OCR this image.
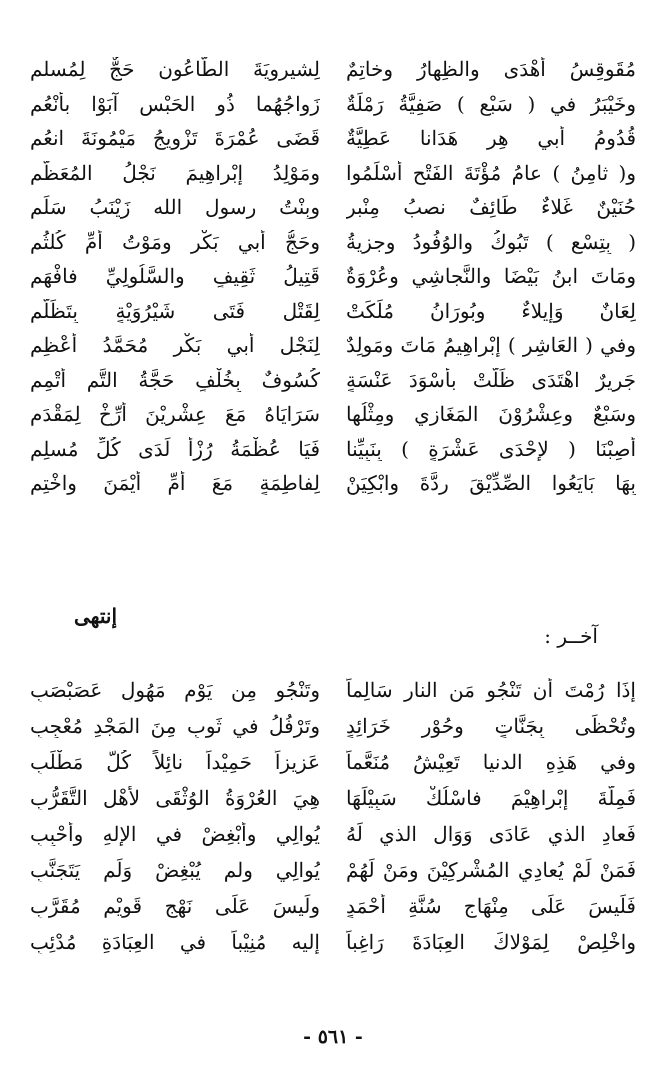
مُقَوقِسُ أَهْدَى والظِهارُ وخاتِمٌ
لِشيرويَةَ الطَّاعُون حَجٌّ لِمُسلمِ
وخَيْبَرُ في ( سَبْعٍ ) صَفِيَّةُ رَمْلَةٌ
زَواجُهُما ذُو الحَبْسِ آبَوْا بأَنْعُمِ
قُدُومُ أبي هِرٍ هَدَانا عَطِيَّةٌ
قَضَى عُمْرَةَ تَزْوِيجُ مَيْمُونَةَ انعُمِ
و( ثامِنُ ) عامُ مُؤْتَةَ الفَتْحِ أَسْلَمُوا
ومَوْلِدُ إِبْراهِيمَ نَجْلُ المُعَظَّمِ
حُنَيْنٌ غَلاءٌ طَائِفٌ نصبُ مِنْبرِ
وبِنْتُ رسولِ الله زَيْنَبُ سَلِّمِ
( بِتِسْعٍ ) تَبُوكُ والوُفُودُ وجزيةُ
وحَجُّ أبي بَكْرٍ ومَوْتُ أُمِّ كُلثُمِ
ومَاتَ ابنُ بَيْضَا والنَّجاشِي وعُرْوَةٌ
قَتِيلُ ثَقِيفٍ والسَّلُولِيِّ فافْهَمِ
لِعَانٌ وَإيلاءٌ وبُورَانُ مُلِّكَتْ
لِقَتْلِ فَتَى شَيْرُوَيْةٍ بِتَظَلُّمِ
وفي ( العَاشِرِ ) إِبْراهِيمُ مَاتَ ومَولِدٌ
لِنَجْلِ أبي بَكْرٍ مُحَمَّدُ أَعْظِمِ
جَرِيرٌ اهْتَدَى ظَلَّتْ بأَسْوَدَ عَنْسَةٍ
كُسُوفٌ بِخُلْفٍ حَجَّةُ التَّمِ أَتْمِمِ
وسَبْعٌ وعِشْرُوْنَ المَغَازِي ومِثْلُها
سَرَايَاهُ مَعَ عِشْرِيْنَ أَرِّخْ لِمَقْدَمِ
أُصِبْنَا ( لإِحْدَى عَشْرَةٍ ) بِنَبِيِّنا
فَيَا عُظْمَةُ رُزْأً لَدَى كُلِّ مُسلِمِ
بِهَا بَايَعُوا الصِّدِّيْقَ رِدَّةَ وابْكِيَنْ
لِفاطِمَةٍ مَعَ أُمِّ أَيْمَنَ واخْتِمِ
إنتهى
آخــر :
إِذَا رُمْتَ أن تَنْجُو مَنِ النارِ سَالِماً
وتَنْجُو مِن يَوْمٍ مَهُولٍ عَصَبْصَبِ
وتُحْظَى بِجَنَّاتٍ وحُوْرٍ خَرَائِدٍ
وتَرْفُلُ في ثَوبٍ مِنَ المَجْدِ مُعْجِبِ
وفي هَذِهِ الدنيا تَعِيْشُ مُنَعَّماً
عَزِيزاً حَمِيْداً نائِلاً كُلَّ مَطْلَبِ
فَمِلَّةَ إِبْراهِيْمَ فاسْلُكْ سَبِيْلَهَا
هِيَ العُرْوَةُ الوُثْقَى لأَهْلِ التَّقَرُّبِ
فَعادِ الذي عَادَى وَوَالِ الذي لَهُ
يُوالِي وأَبْغِضْ في الإِلهِ وأَحْبِبِ
فَمَنْ لَمْ يُعادِي المُشْرِكِيْنَ ومَنْ لَهُمْ
يُوالِي ولم يُبْغِضْ وَلَم يَتَجَنَّبِ
فَلَيسَ عَلَى مِنْهَاجِ سُنَّةِ أَحْمَدٍ
ولَيسَ عَلَى نَهْجٍ قَوِيْمٍ مُقَرَّبِ
واخْلِصْ لِمَوْلاكَ العِبَادَةَ رَاغِباً
إليه مُنِيْباً في العِبَادَةِ مُدْئِبِ
- ٥٦١ -
